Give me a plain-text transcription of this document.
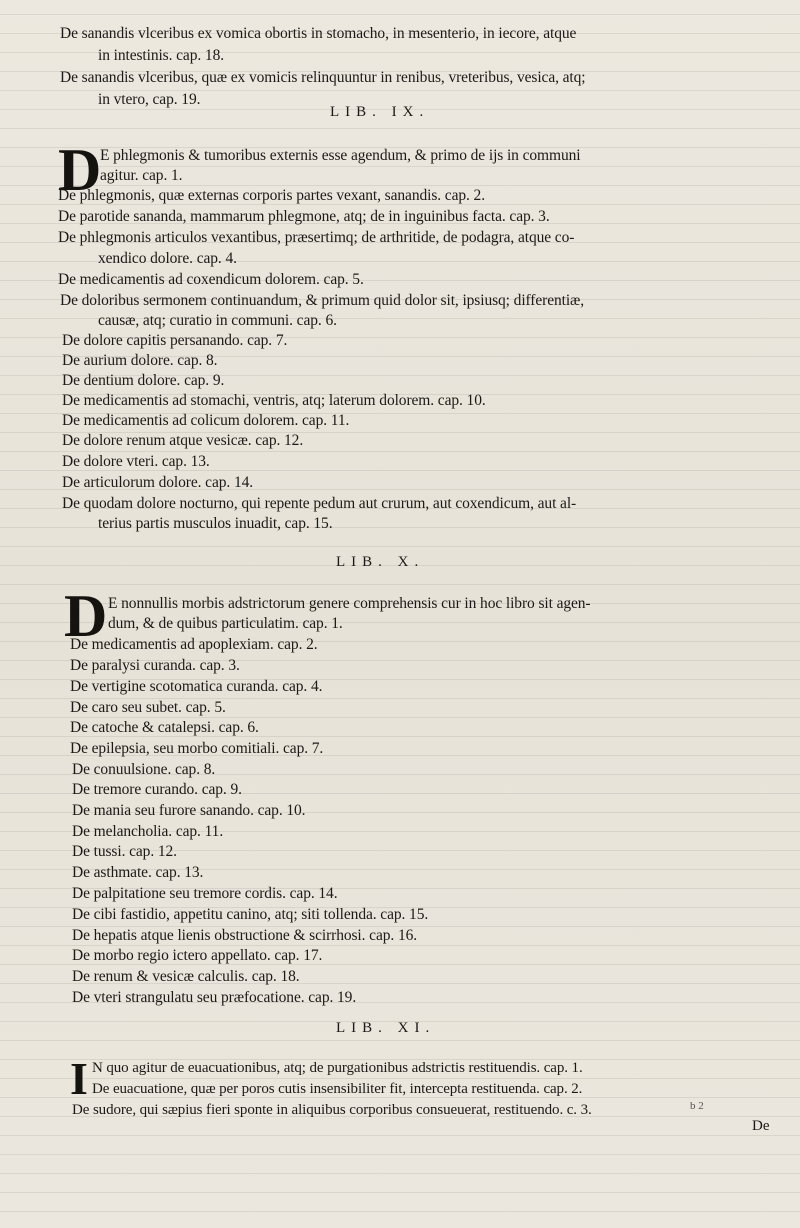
De sanandis vlceribus ex vomica obortis in stomacho, in mesenterio, in iecore, atque
in intestinis. cap. 18.
De sanandis vlceribus, quæ ex vomicis relinquuntur in renibus, vreteribus, vesica, atq;
in vtero, cap. 19.
LIB. IX.
D
E phlegmonis & tumoribus externis esse agendum, & primo de ijs in communi
agitur. cap. 1.
De phlegmonis, quæ externas corporis partes vexant, sanandis. cap. 2.
De parotide sananda, mammarum phlegmone, atq; de in inguinibus facta. cap. 3.
De phlegmonis articulos vexantibus, præsertimq; de arthritide, de podagra, atque co-
xendico dolore. cap. 4.
De medicamentis ad coxendicum dolorem. cap. 5.
De doloribus sermonem continuandum, & primum quid dolor sit, ipsiusq; differentiæ,
causæ, atq; curatio in communi. cap. 6.
De dolore capitis persanando. cap. 7.
De aurium dolore. cap. 8.
De dentium dolore. cap. 9.
De medicamentis ad stomachi, ventris, atq; laterum dolorem. cap. 10.
De medicamentis ad colicum dolorem. cap. 11.
De dolore renum atque vesicæ. cap. 12.
De dolore vteri. cap. 13.
De articulorum dolore. cap. 14.
De quodam dolore nocturno, qui repente pedum aut crurum, aut coxendicum, aut al-
terius partis musculos inuadit, cap. 15.
LIB. X.
D E nonnullis morbis adstrictorum genere comprehensis cur in hoc libro sit agen-
dum, & de quibus particulatim. cap. 1.
De medicamentis ad apoplexiam. cap. 2.
De paralysi curanda. cap. 3.
De vertigine scotomatica curanda. cap. 4.
De caro seu subet. cap. 5.
De catoche & catalepsi. cap. 6.
De epilepsia, seu morbo comitiali. cap. 7.
De conuulsione. cap. 8.
De tremore curando. cap. 9.
De mania seu furore sanando. cap. 10.
De melancholia. cap. 11.
De tussi. cap. 12.
De asthmate. cap. 13.
De palpitatione seu tremore cordis. cap. 14.
De cibi fastidio, appetitu canino, atq; siti tollenda. cap. 15.
De hepatis atque lienis obstructione & scirrhosi. cap. 16.
De morbo regio ictero appellato. cap. 17.
De renum & vesicæ calculis. cap. 18.
De vteri strangulatu seu præfocatione. cap. 19.
LIB. XI.
I N quo agitur de euacuationibus, atq; de purgationibus adstrictis restituendis. cap. 1.
De euacuatione, quæ per poros cutis insensibiliter fit, intercepta restituenda. cap. 2.
De sudore, qui sæpius fieri sponte in aliquibus corporibus consueuerat, restituendo. c. 3.	b 2
De
